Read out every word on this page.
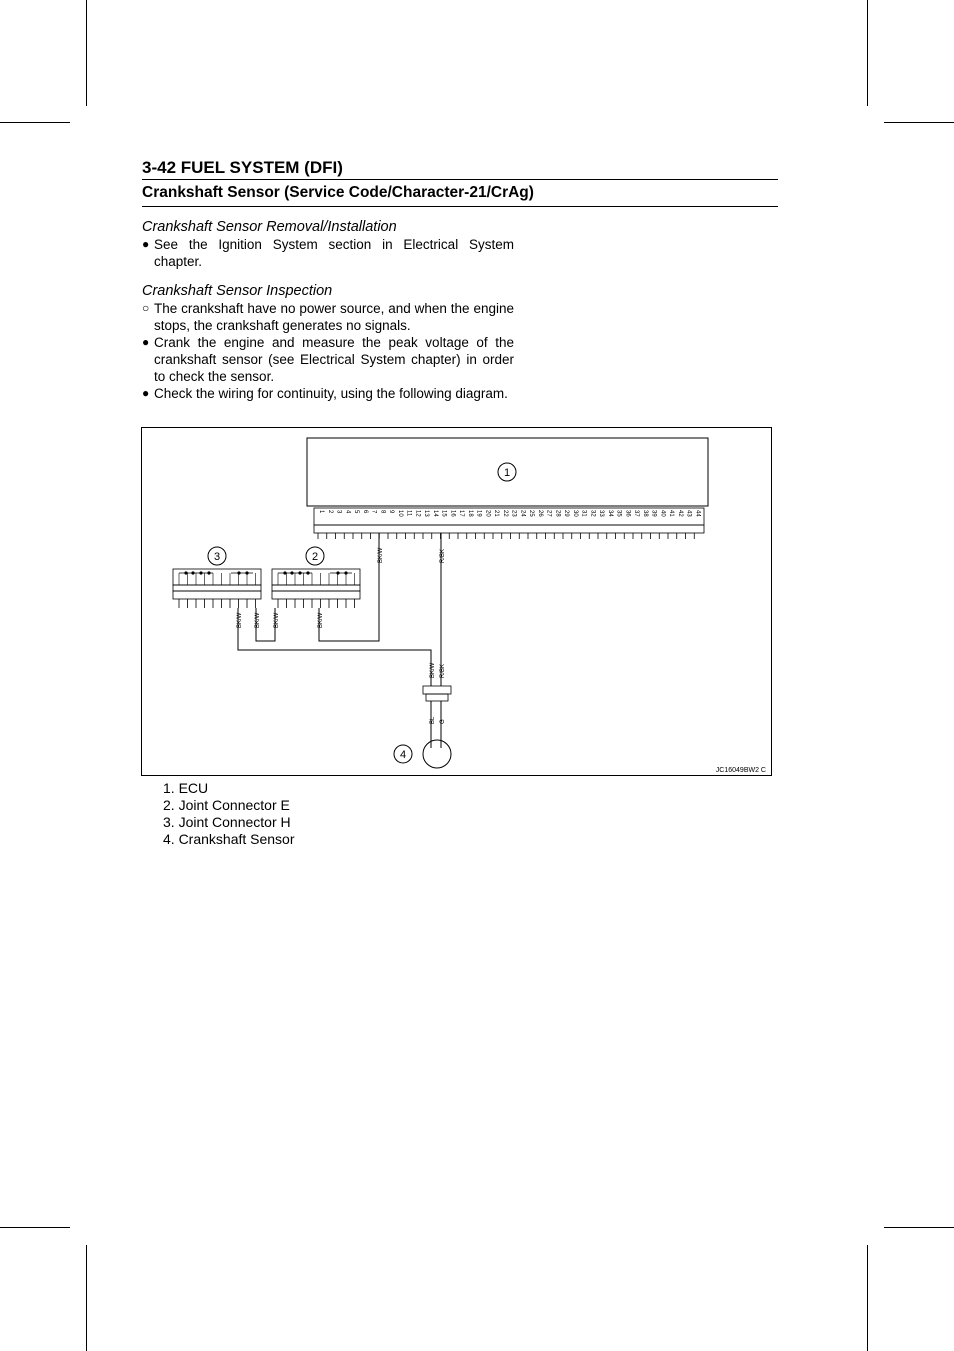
3-42 FUEL SYSTEM (DFI)
Crankshaft Sensor (Service Code/Character-21/CrAg)
Crankshaft Sensor Removal/Installation
● See the Ignition System section in Electrical System chapter.
Crankshaft Sensor Inspection
○ The crankshaft have no power source, and when the engine stops, the crankshaft generates no signals.
● Crank the engine and measure the peak voltage of the crankshaft sensor (see Electrical System chapter) in order to check the sensor.
● Check the wiring for continuity, using the following diagram.
1 2 3 4 5 6 7 8 9 10 11 12 13 14 15 16 17 18 19 20 21 22 23 24 25 26 27 28 29 30 31 32 33 34 35 36 37 38 39 40 41 42 43 44
1
3	2
4
BK/W	R/BK
BK/W BK/W BK/W	BK/W
BK/W R/BK
BL G
JC16049BW2 C
1. ECU
2. Joint Connector E
3. Joint Connector H
4. Crankshaft Sensor
